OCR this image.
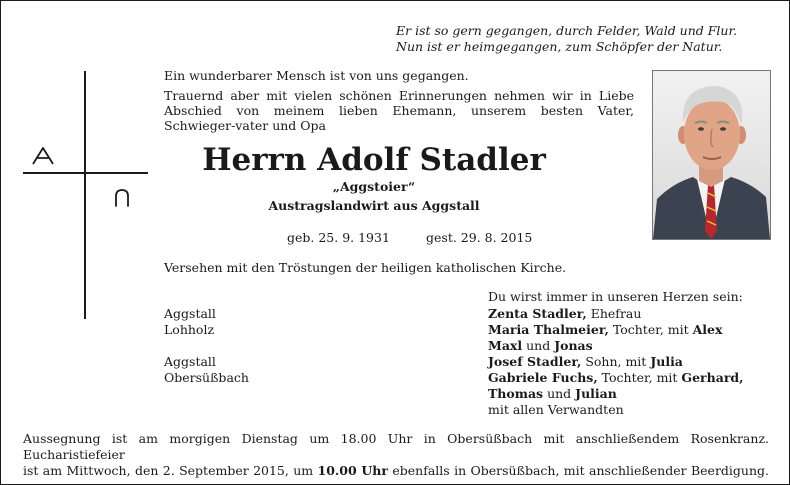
Er ist so gern gegangen, durch Felder, Wald und Flur.
Nun ist er heimgegangen, zum Schöpfer der Natur.

Ein wunderbarer Mensch ist von uns gegangen.

Trauernd aber mit vielen schönen Erinnerungen nehmen wir in Liebe Abschied von meinem lieben Ehemann, unserem besten Vater, Schwieger-vater und Opa

Herrn Adolf Stadler
„Aggstoier“
Austragslandwirt aus Aggstall
geb. 25. 9. 1931	gest. 29. 8. 2015
Versehen mit den Tröstungen der heiligen katholischen Kirche.
Du wirst immer in unseren Herzen sein:
Aggstall
Lohholz
Aggstall
Obersüßbach
Zenta Stadler, Ehefrau
Maria Thalmeier, Tochter, mit Alex
Maxl und Jonas
Josef Stadler, Sohn, mit Julia
Gabriele Fuchs, Tochter, mit Gerhard,
Thomas und Julian
mit allen Verwandten
Aussegnung ist am morgigen Dienstag um 18.00 Uhr in Obersüßbach mit anschließendem Rosenkranz. Eucharistiefeier
ist am Mittwoch, den 2. September 2015, um 10.00 Uhr ebenfalls in Obersüßbach, mit anschließender Beerdigung.
